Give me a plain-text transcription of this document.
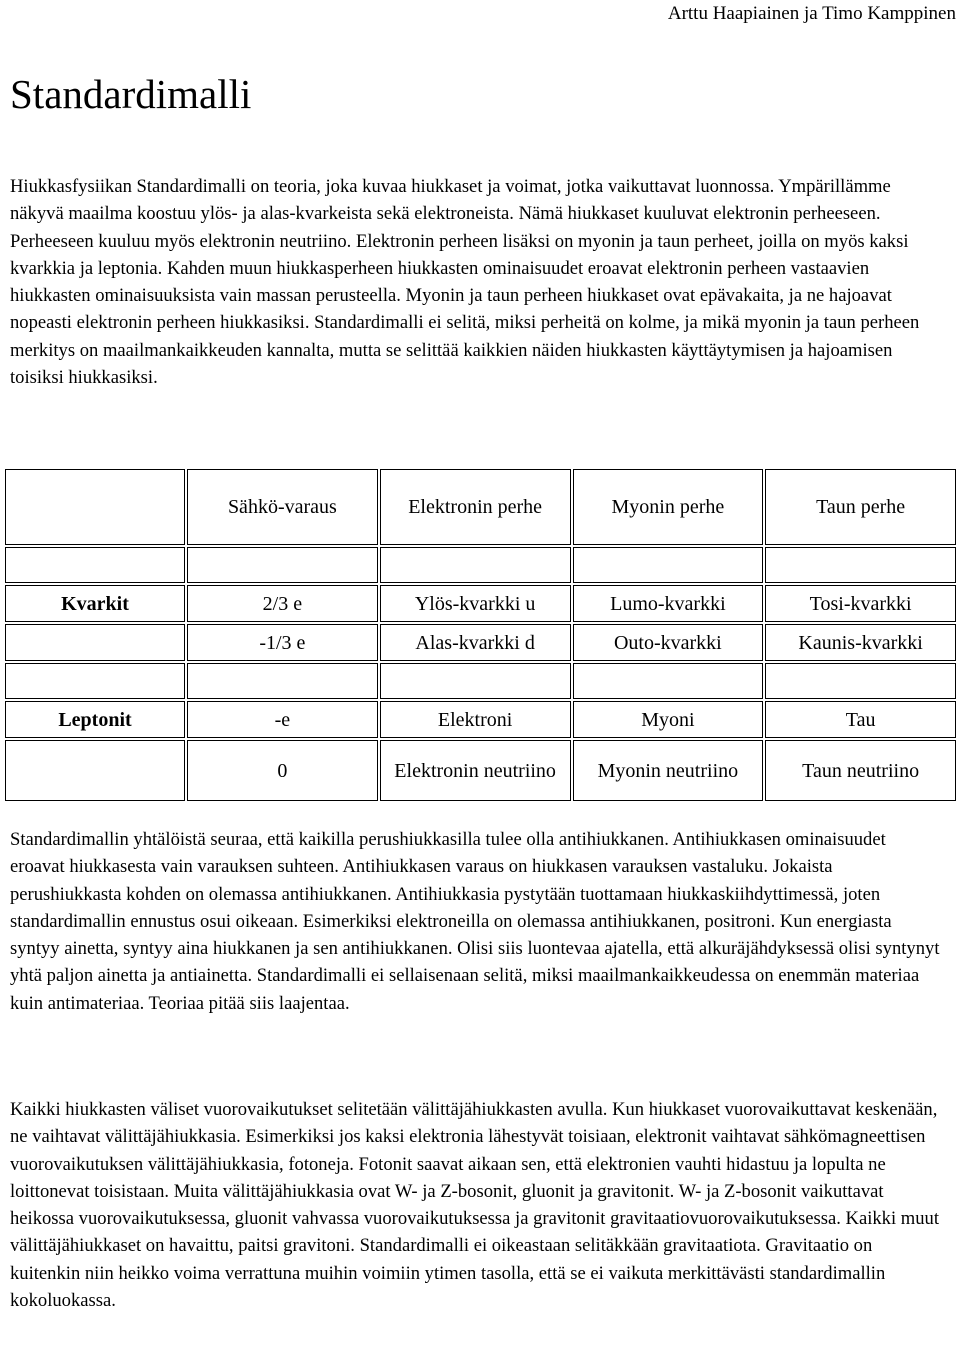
Arttu Haapiainen ja Timo Kamppinen
Standardimalli

Hiukkasfysiikan Standardimalli on teoria, joka kuvaa hiukkaset ja voimat, jotka vaikuttavat luonnossa. Ympärillämme näkyvä maailma koostuu ylös- ja alas-kvarkeista sekä elektroneista. Nämä hiukkaset kuuluvat elektronin perheeseen. Perheeseen kuuluu myös elektronin neutriino. Elektronin perheen lisäksi on myonin ja taun perheet, joilla on myös kaksi kvarkkia ja leptonia. Kahden muun hiukkasperheen hiukkasten ominaisuudet eroavat elektronin perheen vastaavien hiukkasten ominaisuuksista vain massan perusteella. Myonin ja taun perheen hiukkaset ovat epävakaita, ja ne hajoavat nopeasti elektronin perheen hiukkasiksi. Standardimalli ei selitä, miksi perheitä on kolme, ja mikä myonin ja taun perheen merkitys on maailmankaikkeuden kannalta, mutta se selittää kaikkien näiden hiukkasten käyttäytymisen ja hajoamisen toisiksi hiukkasiksi.

	Sähkö-varaus	Elektronin perhe	Myonin perhe	Taun perhe

Kvarkit	2/3 e	Ylös-kvarkki u	Lumo-kvarkki	Tosi-kvarkki
	-1/3 e	Alas-kvarkki d	Outo-kvarkki	Kaunis-kvarkki

Leptonit	-e	Elektroni	Myoni	Tau
	0	Elektronin neutriino	Myonin neutriino	Taun neutriino

Standardimallin yhtälöistä seuraa, että kaikilla perushiukkasilla tulee olla antihiukkanen. Antihiukkasen ominaisuudet eroavat hiukkasesta vain varauksen suhteen. Antihiukkasen varaus on hiukkasen varauksen vastaluku. Jokaista perushiukkasta kohden on olemassa antihiukkanen. Antihiukkasia pystytään tuottamaan hiukkaskiihdyttimessä, joten standardimallin ennustus osui oikeaan. Esimerkiksi elektroneilla on olemassa antihiukkanen, positroni. Kun energiasta syntyy ainetta, syntyy aina hiukkanen ja sen antihiukkanen. Olisi siis luontevaa ajatella, että alkuräjähdyksessä olisi syntynyt yhtä paljon ainetta ja antiainetta. Standardimalli ei sellaisenaan selitä, miksi maailmankaikkeudessa on enemmän materiaa kuin antimateriaa. Teoriaa pitää siis laajentaa.

Kaikki hiukkasten väliset vuorovaikutukset selitetään välittäjähiukkasten avulla. Kun hiukkaset vuorovaikuttavat keskenään, ne vaihtavat välittäjähiukkasia. Esimerkiksi jos kaksi elektronia lähestyvät toisiaan, elektronit vaihtavat sähkömagneettisen vuorovaikutuksen välittäjähiukkasia, fotoneja. Fotonit saavat aikaan sen, että elektronien vauhti hidastuu ja lopulta ne loittonevat toisistaan. Muita välittäjähiukkasia ovat W- ja Z-bosonit, gluonit ja gravitonit. W- ja Z-bosonit vaikuttavat heikossa vuorovaikutuksessa, gluonit vahvassa vuorovaikutuksessa ja gravitonit gravitaatiovuorovaikutuksessa. Kaikki muut välittäjähiukkaset on havaittu, paitsi gravitoni. Standardimalli ei oikeastaan selitäkkään gravitaatiota. Gravitaatio on kuitenkin niin heikko voima verrattuna muihin voimiin ytimen tasolla, että se ei vaikuta merkittävästi standardimallin kokoluokassa.
